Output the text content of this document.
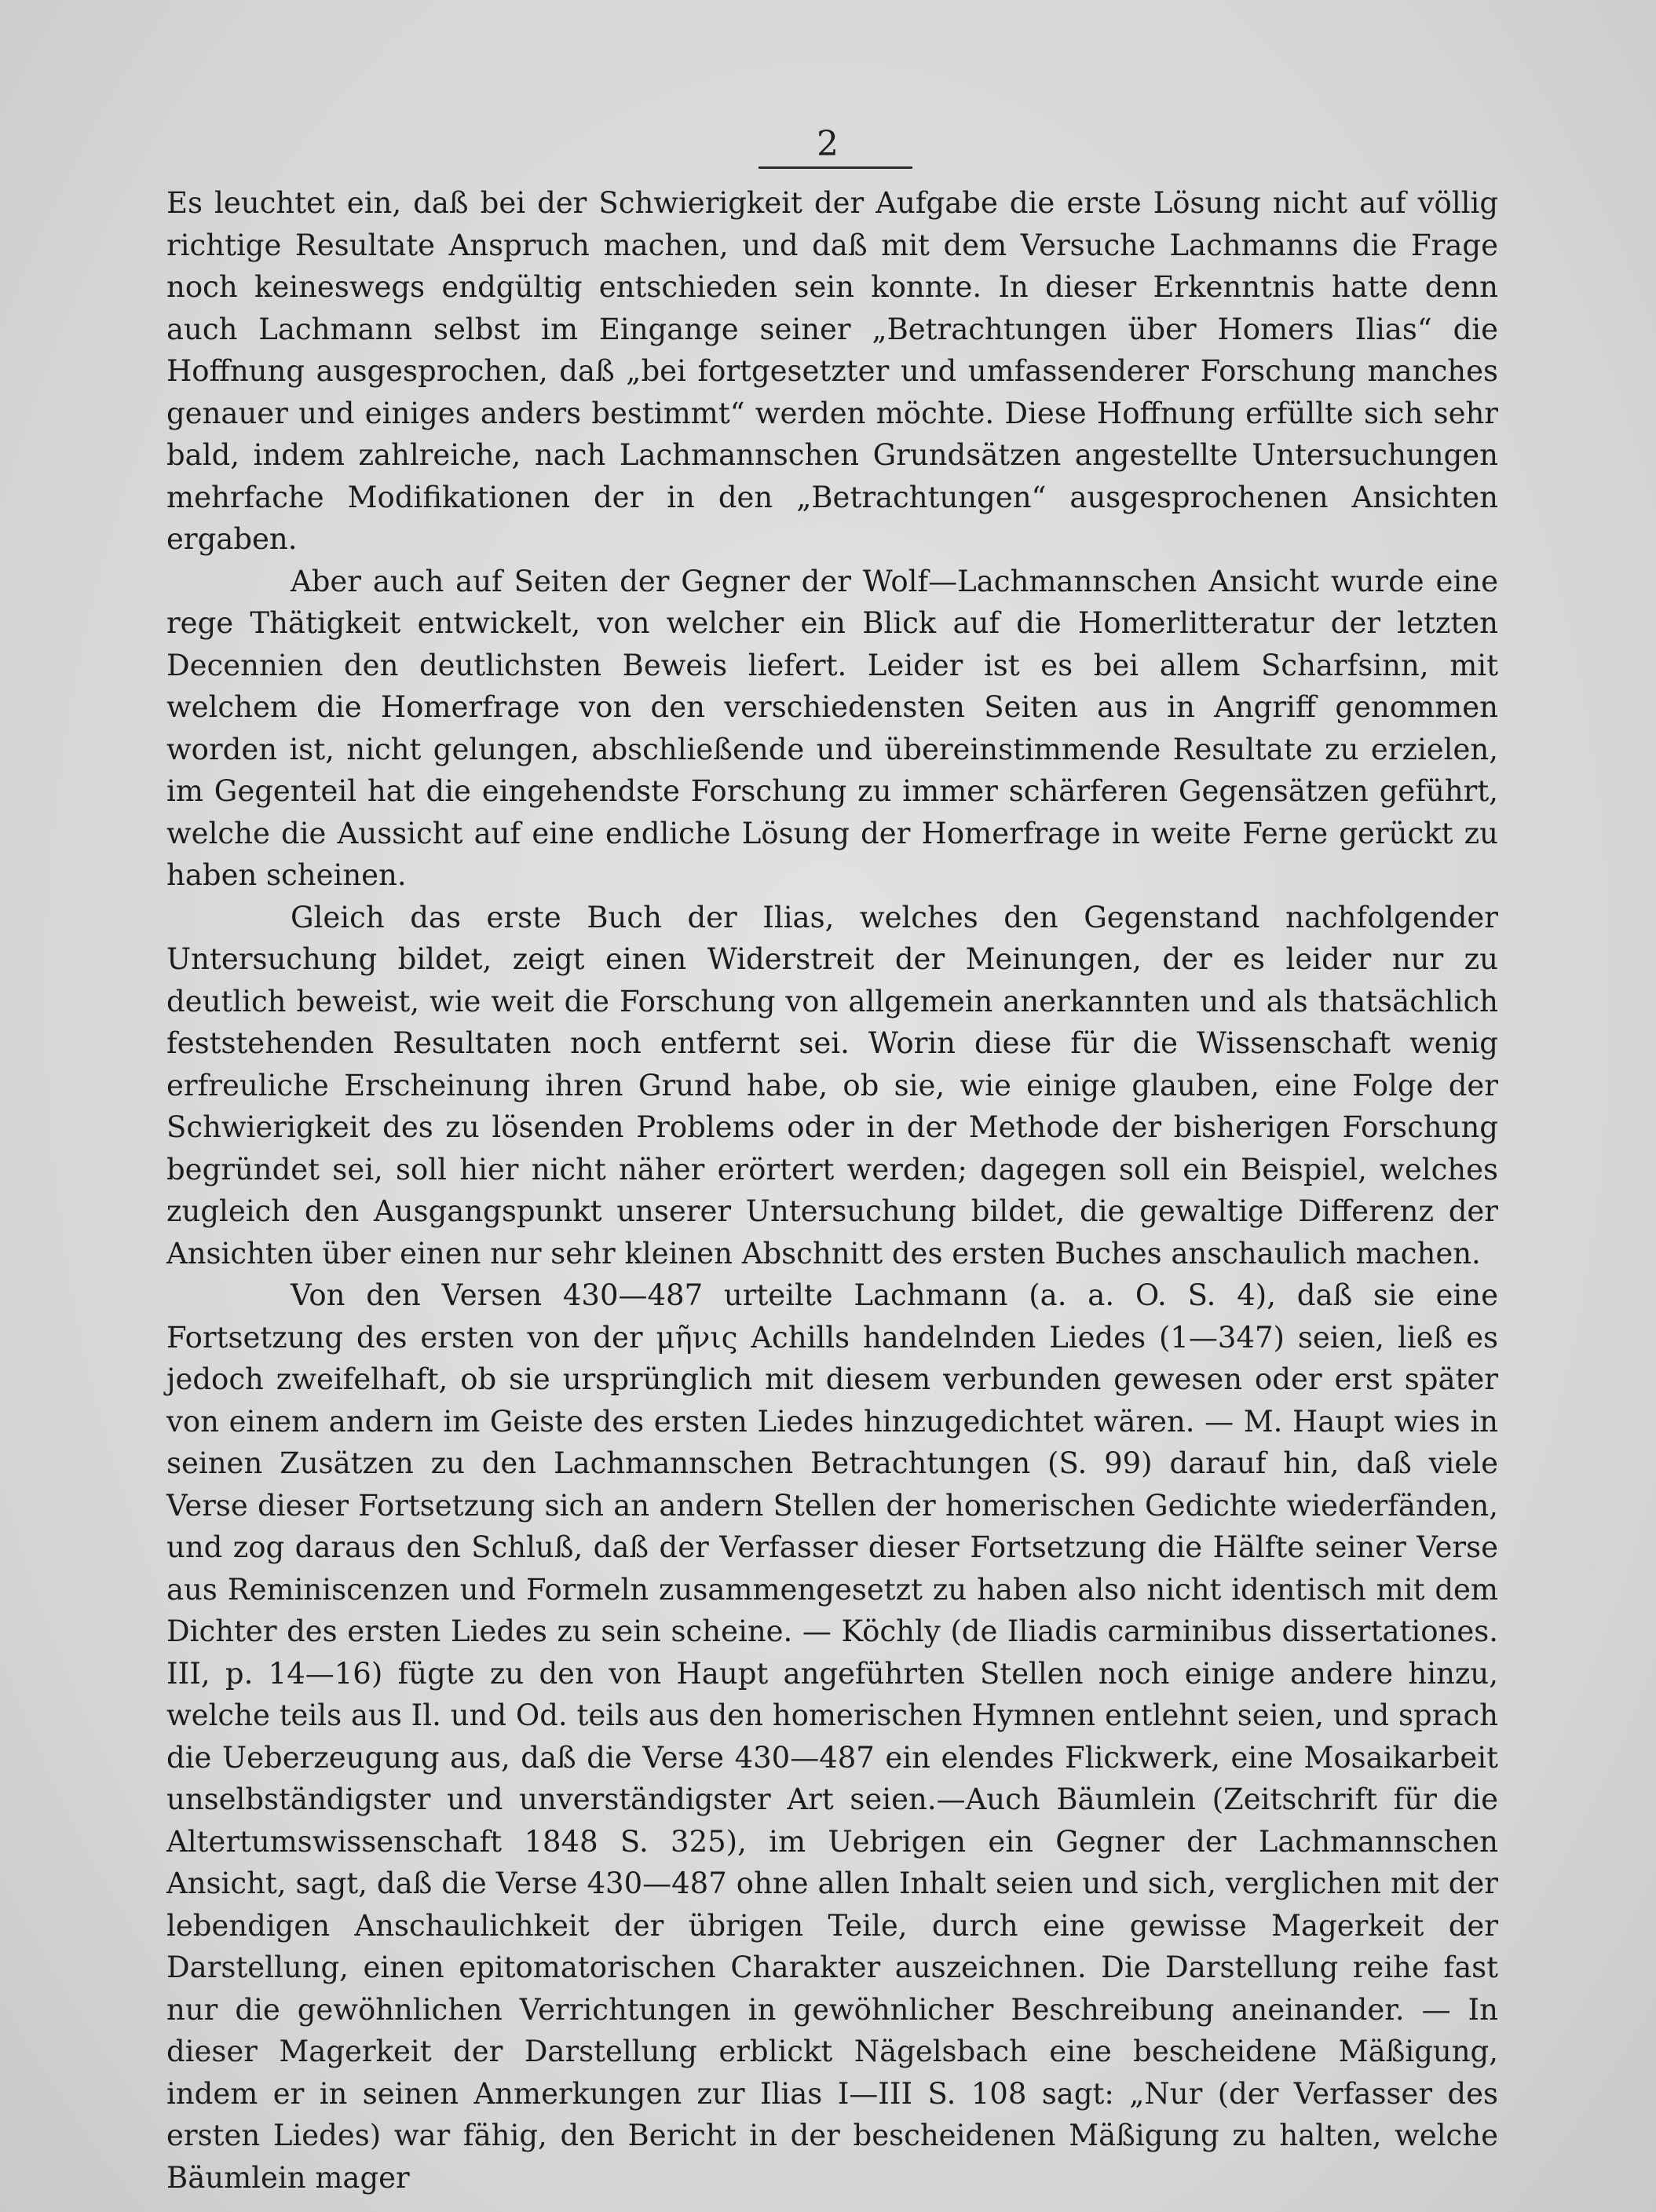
2

Es leuchtet ein, daß bei der Schwierigkeit der Aufgabe die erste Lösung nicht auf völlig richtige Resultate Anspruch machen, und daß mit dem Versuche Lachmanns die Frage noch keineswegs endgültig entschieden sein konnte. In dieser Erkenntnis hatte denn auch Lachmann selbst im Eingange seiner „Betrachtungen über Homers Ilias“ die Hoffnung ausgesprochen, daß „bei fortgesetzter und umfassenderer Forschung manches genauer und einiges anders bestimmt“ werden möchte. Diese Hoffnung erfüllte sich sehr bald, indem zahlreiche, nach Lachmannschen Grundsätzen angestellte Untersuchungen mehrfache Modifikationen der in den „Betrachtungen“ ausgesprochenen Ansichten ergaben.

Aber auch auf Seiten der Gegner der Wolf—Lachmannschen Ansicht wurde eine rege Thätigkeit entwickelt, von welcher ein Blick auf die Homerlitteratur der letzten Decennien den deutlichsten Beweis liefert. Leider ist es bei allem Scharfsinn, mit welchem die Homerfrage von den verschiedensten Seiten aus in Angriff genommen worden ist, nicht gelungen, abschließende und übereinstimmende Resultate zu erzielen, im Gegenteil hat die eingehendste Forschung zu immer schärferen Gegensätzen geführt, welche die Aussicht auf eine endliche Lösung der Homerfrage in weite Ferne gerückt zu haben scheinen.

Gleich das erste Buch der Ilias, welches den Gegenstand nachfolgender Untersuchung bildet, zeigt einen Widerstreit der Meinungen, der es leider nur zu deutlich beweist, wie weit die Forschung von allgemein anerkannten und als thatsächlich feststehenden Resultaten noch entfernt sei. Worin diese für die Wissenschaft wenig erfreuliche Erscheinung ihren Grund habe, ob sie, wie einige glauben, eine Folge der Schwierigkeit des zu lösenden Problems oder in der Methode der bisherigen Forschung begründet sei, soll hier nicht näher erörtert werden; dagegen soll ein Beispiel, welches zugleich den Ausgangspunkt unserer Untersuchung bildet, die gewaltige Differenz der Ansichten über einen nur sehr kleinen Abschnitt des ersten Buches anschaulich machen.

Von den Versen 430—487 urteilte Lachmann (a. a. O. S. 4), daß sie eine Fortsetzung des ersten von der μῆνις Achills handelnden Liedes (1—347) seien, ließ es jedoch zweifelhaft, ob sie ursprünglich mit diesem verbunden gewesen oder erst später von einem andern im Geiste des ersten Liedes hinzugedichtet wären. — M. Haupt wies in seinen Zusätzen zu den Lachmannschen Betrachtungen (S. 99) darauf hin, daß viele Verse dieser Fortsetzung sich an andern Stellen der homerischen Gedichte wiederfänden, und zog daraus den Schluß, daß der Verfasser dieser Fortsetzung die Hälfte seiner Verse aus Reminiscenzen und Formeln zusammengesetzt zu haben also nicht identisch mit dem Dichter des ersten Liedes zu sein scheine. — Köchly (de Iliadis carminibus dissertationes. III, p. 14—16) fügte zu den von Haupt angeführten Stellen noch einige andere hinzu, welche teils aus Il. und Od. teils aus den homerischen Hymnen entlehnt seien, und sprach die Ueberzeugung aus, daß die Verse 430—487 ein elendes Flickwerk, eine Mosaikarbeit unselbständigster und unverständigster Art seien.—Auch Bäumlein (Zeitschrift für die Altertumswissenschaft 1848 S. 325), im Uebrigen ein Gegner der Lachmannschen Ansicht, sagt, daß die Verse 430—487 ohne allen Inhalt seien und sich, verglichen mit der lebendigen Anschaulichkeit der übrigen Teile, durch eine gewisse Magerkeit der Darstellung, einen epitomatorischen Charakter auszeichnen. Die Darstellung reihe fast nur die gewöhnlichen Verrichtungen in gewöhnlicher Beschreibung aneinander. — In dieser Magerkeit der Darstellung erblickt Nägelsbach eine bescheidene Mäßigung, indem er in seinen Anmerkungen zur Ilias I—III S. 108 sagt: „Nur (der Verfasser des ersten Liedes) war fähig, den Bericht in der bescheidenen Mäßigung zu halten, welche Bäumlein mager
